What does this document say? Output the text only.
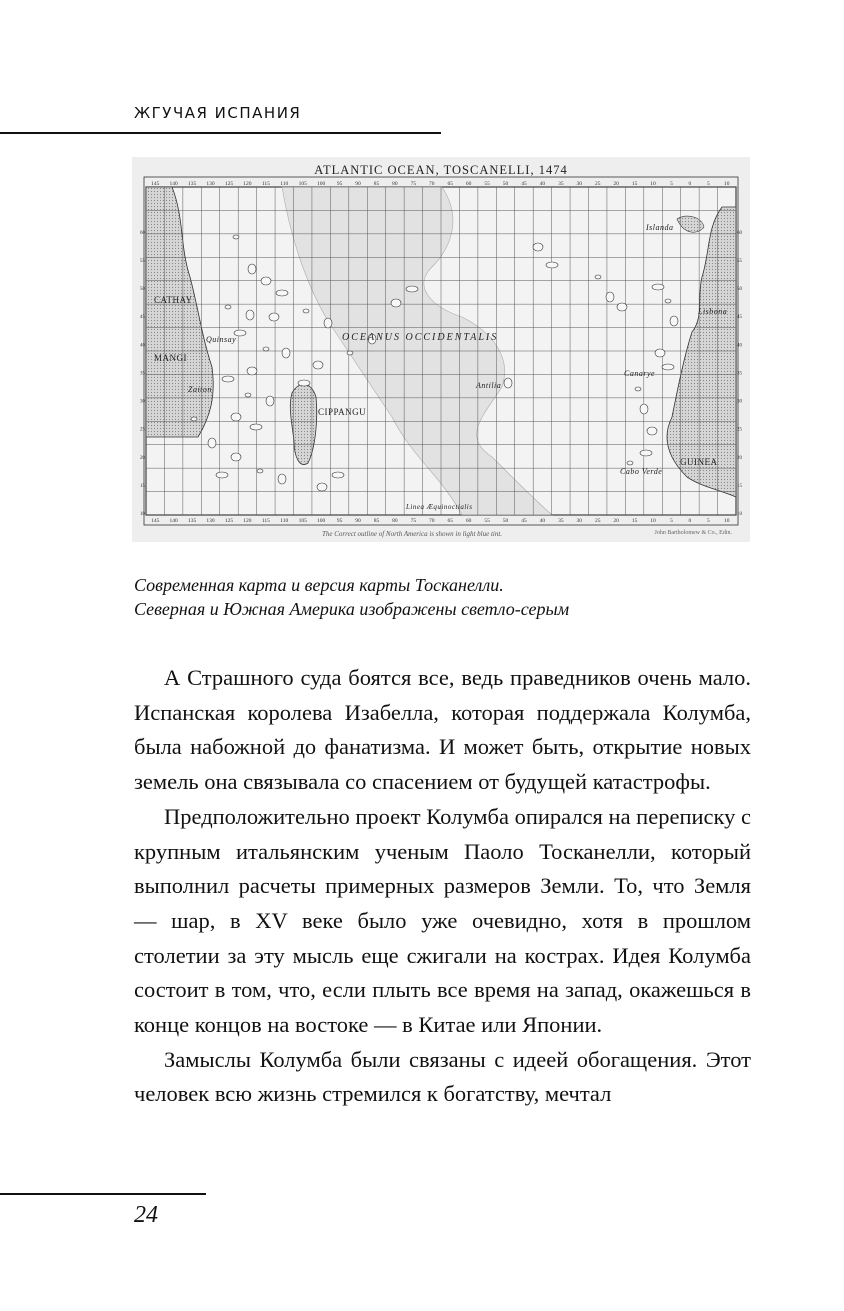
ЖГУЧАЯ ИСПАНИЯ
145 140 135 130 125 120 115 110 105 100 95 90 85 80 75 70 65 60 55 50 45 40 35 30 25 20 15 10	5	0	5	10
145 140 135 130 125 120 115 110 105 100 95 90 85 80 75 70 65 60 55 50 45 40 35 30 25 20 15 10	5	0	5	10
60	60
55	55
50	50
45	45
40	40
35	35
30	30
25	25
20	20
15	15
10	10
ATLANTIC OCEAN, TOSCANELLI, 1474
CATHAY
Quinsay
MANGI
Zaiton
CIPPANGU
OCEANUS OCCIDENTALIS
Antilia
Islanda
Lisbona
Canarye
Cabo Verde
GUINEA
Linea Æquinoctialis
The Correct outline of North America is shown in light blue tint.	John Bartholomew & Co., Edin.
Современная карта и версия карты Тосканелли.
Северная и Южная Америка изображены светло-серым

А Страшного суда боятся все, ведь праведников очень мало. Испанская королева Изабелла, которая поддержала Колумба, была набожной до фанатизма. И может быть, открытие новых земель она связывала со спасением от будущей катастрофы.

Предположительно проект Колумба опирался на переписку с крупным итальянским ученым Паоло Тосканелли, который выполнил расчеты примерных размеров Земли. То, что Земля — шар, в XV веке было уже очевидно, хотя в прошлом столетии за эту мысль еще сжигали на кострах. Идея Колумба состоит в том, что, если плыть все время на запад, окажешься в конце концов на востоке — в Китае или Японии.

Замыслы Колумба были связаны с идеей обогащения. Этот человек всю жизнь стремился к богатству, мечтал

24
